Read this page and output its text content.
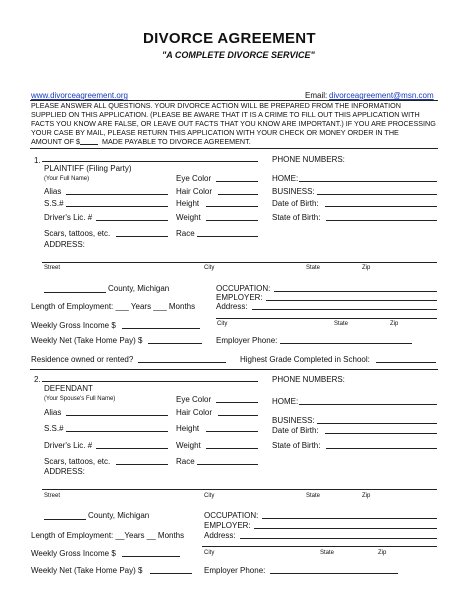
DIVORCE AGREEMENT
"A COMPLETE DIVORCE SERVICE"
www.divorceagreement.org	Email: divorceagreement@msn.com
PLEASE ANSWER ALL QUESTIONS. YOUR DIVORCE ACTION WILL BE PREPARED FROM THE INFORMATION
SUPPLIED ON THIS APPLICATION. (PLEASE BE AWARE THAT IT IS A CRIME TO FILL OUT THIS APPLICATION WITH
FACTS YOU KNOW ARE FALSE, OR LEAVE OUT FACTS THAT YOU KNOW ARE IMPORTANT.) IF YOU ARE PROCESSING
YOUR CASE BY MAIL, PLEASE RETURN THIS APPLICATION WITH YOUR CHECK OR MONEY ORDER IN THE
AMOUNT OF $	MADE PAYABLE TO DIVORCE AGREEMENT.
1.
PLAINTIFF (Filing Party)
(Your Full Name)
PHONE NUMBERS:
Eye Color	HOME:
Alias	Hair Color	BUSINESS:
S.S.#	Height	Date of Birth:
Driver's Lic. #	Weight	State of Birth:
Scars, tattoos, etc.	Race
ADDRESS:
Street	City	State	Zip
County, Michigan	OCCUPATION:
EMPLOYER:
Length of Employment: ___ Years ___ Months	Address:
Weekly Gross Income $	City	State	Zip
Weekly Net (Take Home Pay) $	Employer Phone:
Residence owned or rented?	Highest Grade Completed in School:
2.
DEFENDANT
(Your Spouse's Full Name)
PHONE NUMBERS:
Eye Color	HOME:
Alias	Hair Color
BUSINESS:
S.S.#	Height	Date of Birth:
Driver's Lic. #	Weight	State of Birth:
Scars, tattoos, etc.	Race
ADDRESS:
Street	City	State	Zip
County, Michigan	OCCUPATION:
EMPLOYER:
Length of Employment: __Years __ Months Address:
Weekly Gross Income $	City	State	Zip
Weekly Net (Take Home Pay) $	Employer Phone:
